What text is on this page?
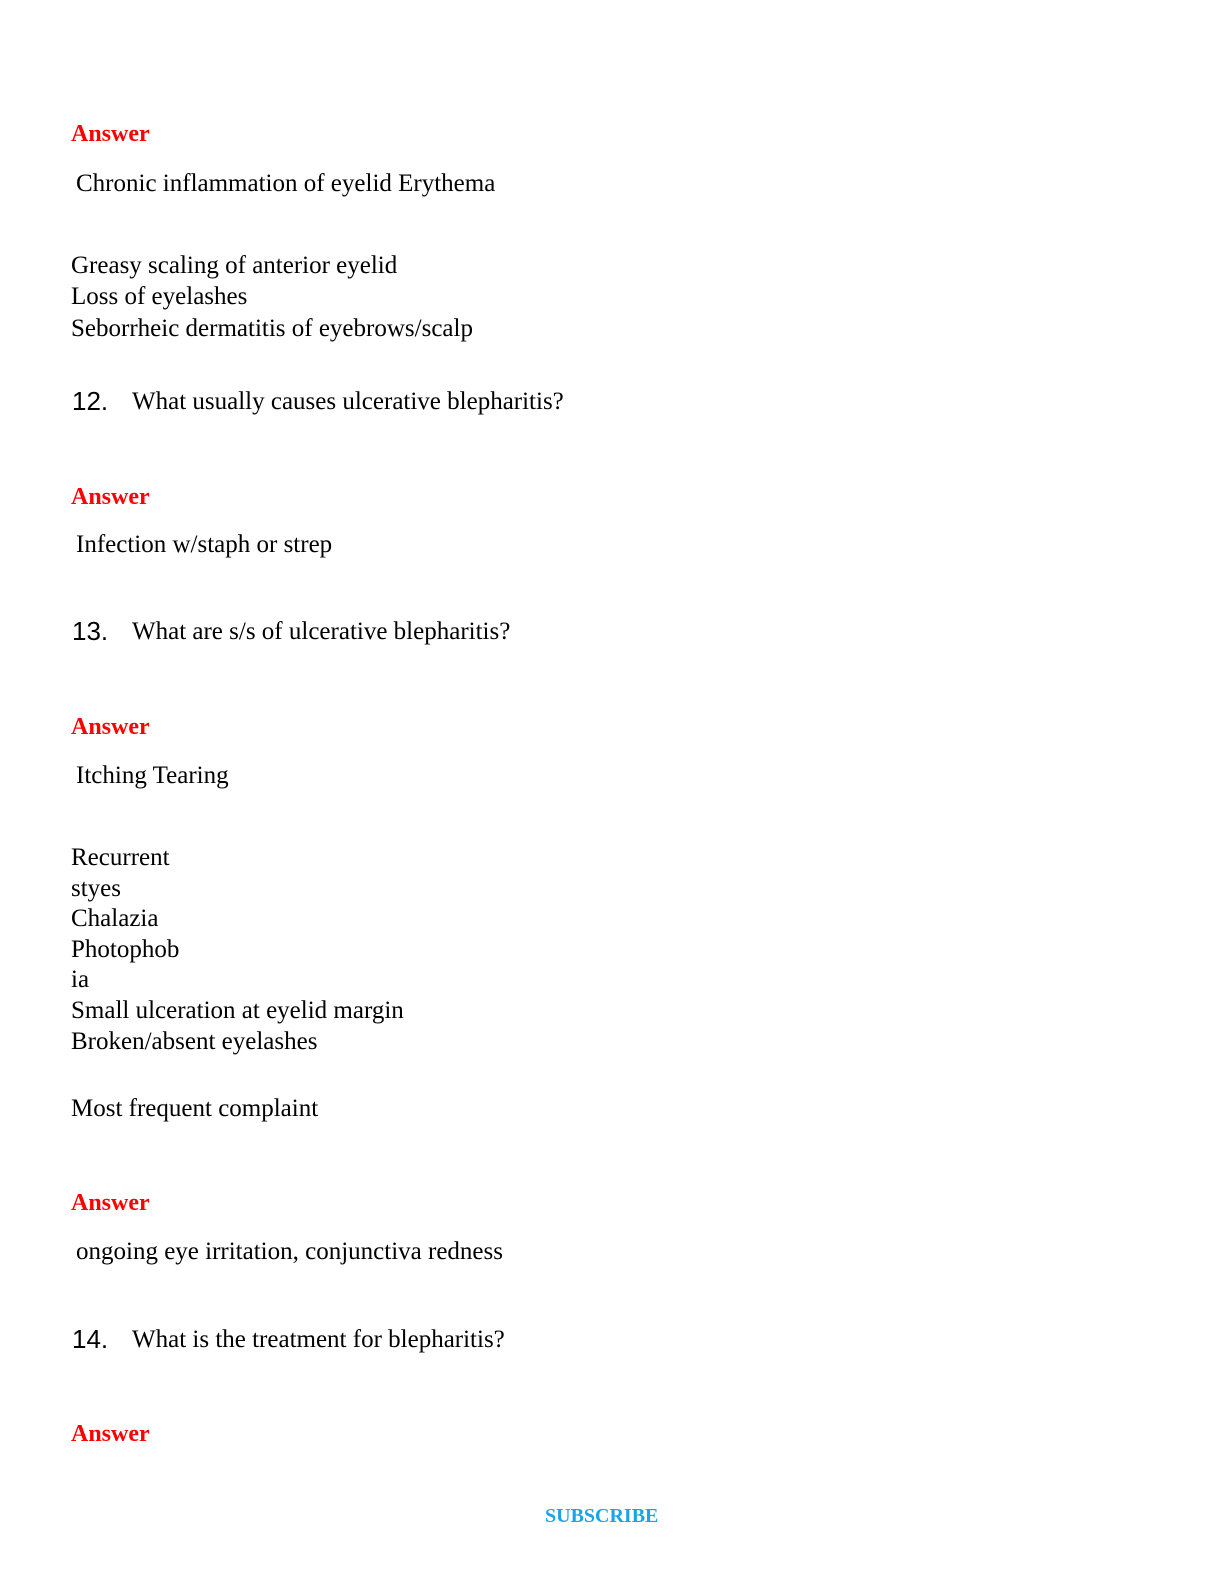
Answer
Chronic inflammation of eyelid Erythema
Greasy scaling of anterior eyelid
Loss of eyelashes
Seborrheic dermatitis of eyebrows/scalp
12. What usually causes ulcerative blepharitis?
Answer
Infection w/staph or strep
13. What are s/s of ulcerative blepharitis?
Answer
Itching Tearing
Recurrent
styes
Chalazia
Photophob
ia
Small ulceration at eyelid margin
Broken/absent eyelashes
Most frequent complaint
Answer
ongoing eye irritation, conjunctiva redness
14. What is the treatment for blepharitis?
Answer
SUBSCRIBE
